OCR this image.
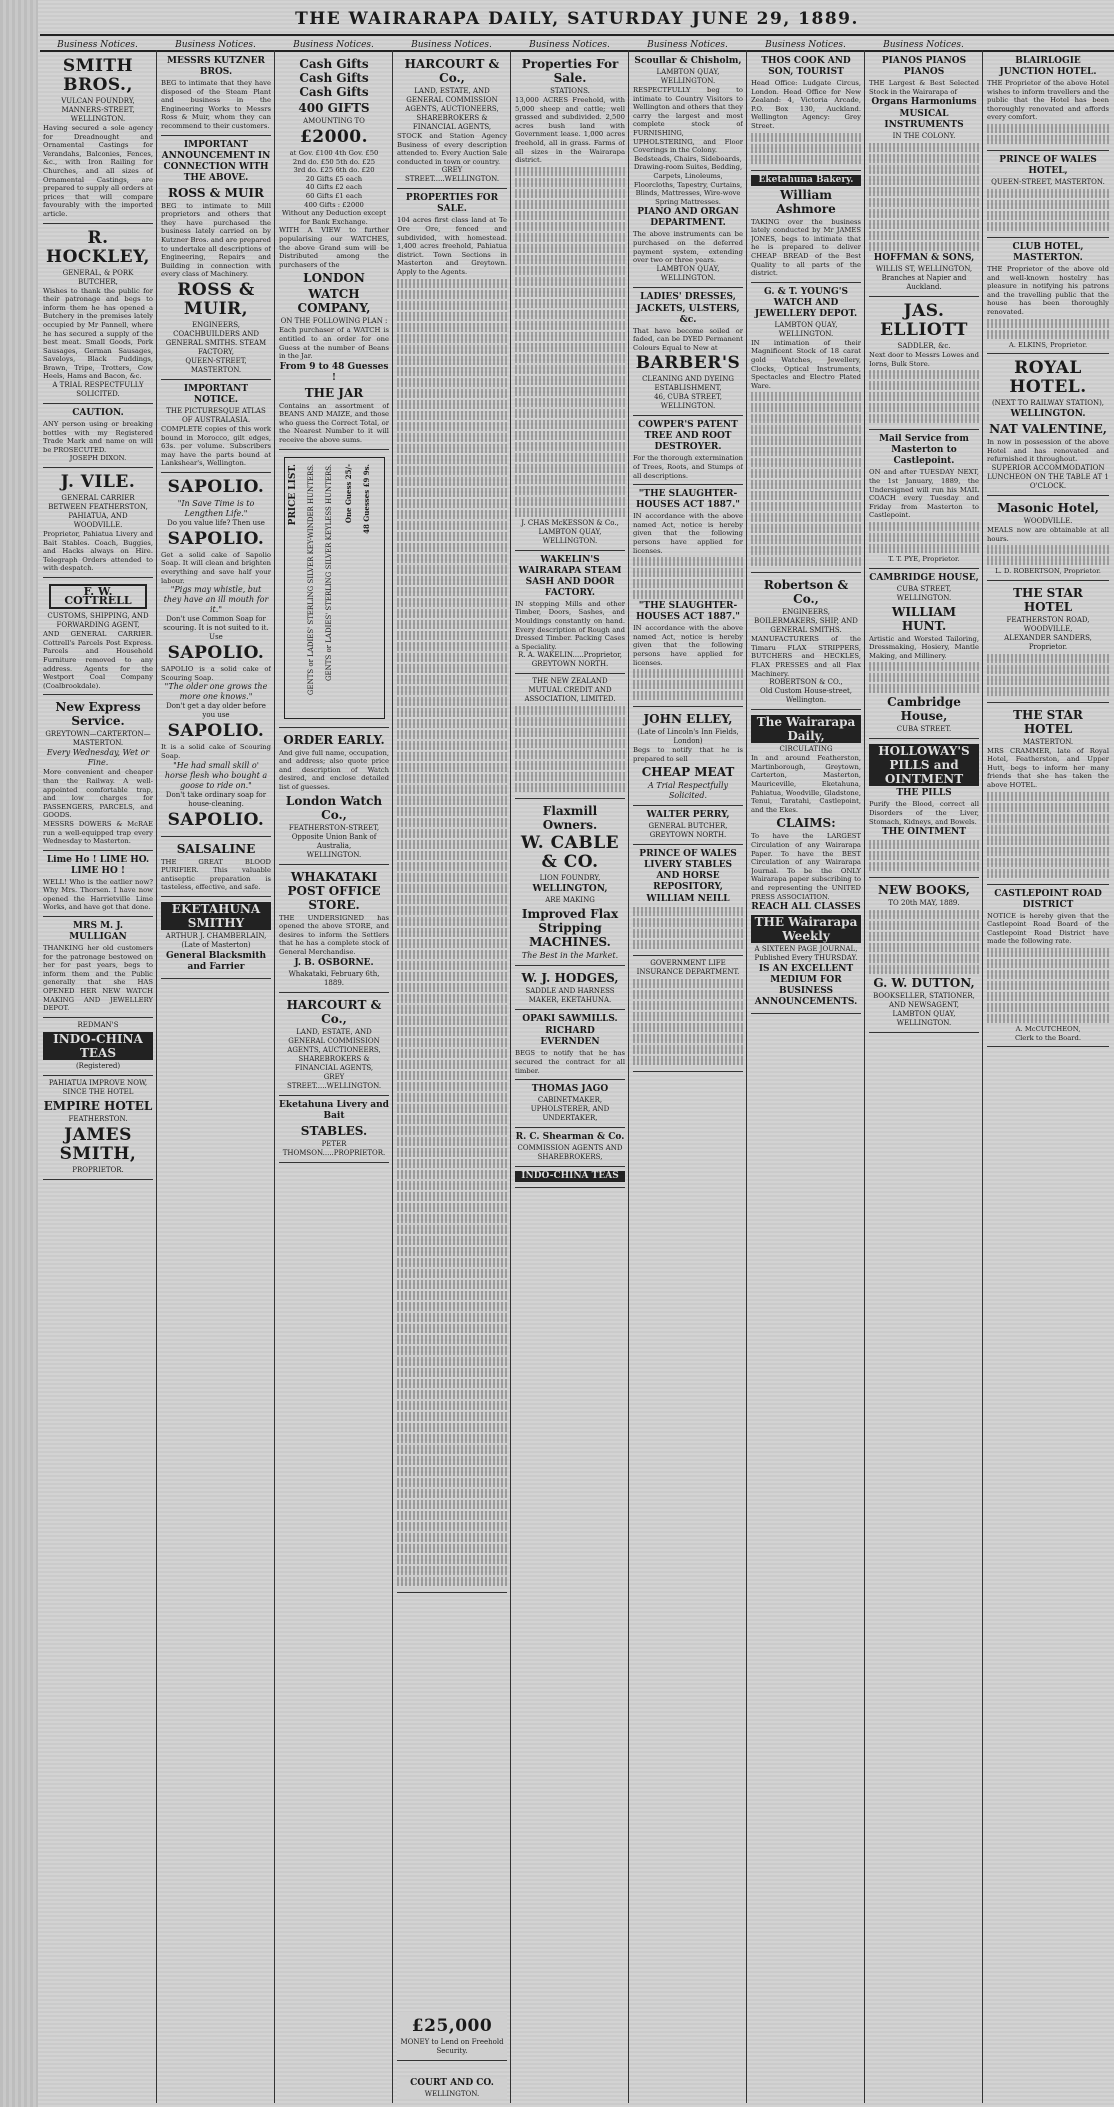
THE WAIRARAPA DAILY, SATURDAY JUNE 29, 1889.
Business Notices.	Business Notices.	Business Notices.	Business Notices.	Business Notices.	Business Notices.	Business Notices.	Business Notices.
SMITH BROS.,
VULCAN FOUNDRY,
MANNERS-STREET, WELLINGTON.
Having secured a sole agency for Dreadnought and Ornamental Castings for Verandahs, Balconies, Fences, &c., with Iron Railing for Churches, and all sizes of Ornamental Castings, are prepared to supply all orders at prices that will compare favourably with the imported article.
R. HOCKLEY,
GENERAL, & PORK BUTCHER,
Wishes to thank the public for their patronage and begs to inform them he has opened a Butchery in the premises lately occupied by Mr Pannell, where he has secured a supply of the best meat. Small Goods, Pork Sausages, German Sausages, Saveloys, Black Puddings, Brawn, Tripe, Trotters, Cow Heels, Hams and Bacon, &c.
A TRIAL RESPECTFULLY SOLICITED.
CAUTION.
ANY person using or breaking bottles with my Registered Trade Mark and name on will be PROSECUTED.
JOSEPH DIXON.
J. VILE.
GENERAL CARRIER BETWEEN FEATHERSTON, PAHIATUA, AND WOODVILLE.
Proprietor, Pahiatua Livery and Bait Stables. Coach, Buggies, and Hacks always on Hire. Telegraph Orders attended to with despatch.
F. W. COTTRELL
CUSTOMS, SHIPPING, AND FORWARDING AGENT,
AND GENERAL CARRIER. Cottrell's Parcels Post Express. Parcels and Household Furniture removed to any address. Agents for the Westport Coal Company (Coalbrookdale).
New Express Service.
GREYTOWN—CARTERTON—MASTERTON.
Every Wednesday, Wet or Fine.
More convenient and cheaper than the Railway. A well-appointed comfortable trap, and low charges for PASSENGERS, PARCELS, and GOODS.
MESSRS DOWERS & McRAE run a well-equipped trap every Wednesday to Masterton.
Lime Ho ! LIME HO. LIME HO !
WELL! Who is the eatlier now? Why Mrs. Thorsen. I have now opened the Harrietville Lime Works, and have got that done.
MRS M. J. MULLIGAN
THANKING her old customers for the patronage bestowed on her for past years, begs to inform them and the Public generally that she HAS OPENED HER NEW WATCH MAKING AND JEWELLERY DEPOT.
REDMAN'S
INDO-CHINA TEAS
(Registered)
PAHIATUA IMPROVE NOW, SINCE THE HOTEL
EMPIRE HOTEL
FEATHERSTON.
JAMES SMITH,
PROPRIETOR.
MESSRS KUTZNER BROS.
BEG to intimate that they have disposed of the Steam Plant and business in the Engineering Works to Messrs Ross & Muir, whom they can recommend to their customers.
IMPORTANT ANNOUNCEMENT IN CONNECTION WITH THE ABOVE.
ROSS & MUIR
BEG to intimate to Mill proprietors and others that they have purchased the business lately carried on by Kutzner Bros. and are prepared to undertake all descriptions of Engineering, Repairs and Building in connection with every class of Machinery.
ROSS & MUIR,
ENGINEERS, COACHBUILDERS AND GENERAL SMITHS. STEAM FACTORY,
QUEEN-STREET, MASTERTON.
IMPORTANT NOTICE.
THE PICTURESQUE ATLAS OF AUSTRALASIA.
COMPLETE copies of this work bound in Morocco, gilt edges, 63s. per volume. Subscribers may have the parts bound at Lankshear's, Wellington.
SAPOLIO.
"In Save Time is to Lengthen Life."
Do you value life? Then use
SAPOLIO.
Get a solid cake of Sapolio Soap. It will clean and brighten everything and save half your labour.
"Pigs may whistle, but they have an ill mouth for it."
Don't use Common Soap for scouring. It is not suited to it. Use
SAPOLIO.
SAPOLIO is a solid cake of Scouring Soap.
"The older one grows the more one knows."
Don't get a day older before you use
SAPOLIO.
It is a solid cake of Scouring Soap.
"He had small skill o' horse flesh who bought a goose to ride on."
Don't take ordinary soap for house-cleaning.
SAPOLIO.
SALSALINE
THE GREAT BLOOD PURIFIER. This valuable antiseptic preparation is tasteless, effective, and safe.
EKETAHUNA SMITHY
ARTHUR J. CHAMBERLAIN,
(Late of Masterton)
General Blacksmith and Farrier
Cash Gifts
Cash Gifts
Cash Gifts
400 GIFTS
AMOUNTING TO
£2000.
at Gov. £100 4th Gov. £50
2nd do. £50 5th do. £25
3rd do. £25 6th do. £20
20 Gifts £5 each
40 Gifts £2 each
60 Gifts £1 each
400 Gifts : £2000
Without any Deduction except for Bank Exchange.
WITH A VIEW to further popularising our WATCHES, the above Grand sum will be Distributed among the purchasers of the
LONDON
WATCH COMPANY,
ON THE FOLLOWING PLAN :
Each purchaser of a WATCH is entitled to an order for one Guess at the number of Beans in the Jar.
From 9 to 48 Guesses !
THE JAR
Contains an assortment of BEANS AND MAIZE, and those who guess the Correct Total, or the Nearest Number to it will receive the above sums.
PRICE LIST. GENTS or LADIES' STERLING SILVER KEY-WINDER HUNTERS. GENTS or LADIES' STERLING SILVER KEYLESS HUNTERS. One Guess 25/- 48 Guesses £9 9s.
ORDER EARLY.
And give full name, occupation, and address; also quote price and description of Watch desired, and enclose detailed list of guesses.
London Watch Co.,
FEATHERSTON-STREET,
Opposite Union Bank of Australia,
WELLINGTON.
WHAKATAKI POST OFFICE STORE.
THE UNDERSIGNED has opened the above STORE, and desires to inform the Settlers that he has a complete stock of General Merchandise.
J. B. OSBORNE.
Whakataki, February 6th, 1889.
HARCOURT & Co.,
LAND, ESTATE, AND GENERAL COMMISSION AGENTS, AUCTIONEERS, SHAREBROKERS & FINANCIAL AGENTS,
GREY STREET.....WELLINGTON.
Eketahuna Livery and Bait
STABLES.
PETER THOMSON.....PROPRIETOR.
HARCOURT & Co.,
LAND, ESTATE, AND GENERAL COMMISSION AGENTS, AUCTIONEERS, SHAREBROKERS & FINANCIAL AGENTS,
STOCK and Station Agency Business of every description attended to. Every Auction Sale conducted in town or country.
GREY STREET.....WELLINGTON.
PROPERTIES FOR SALE.
104 acres first class land at Te Ore Ore, fenced and subdivided, with homestead. 1,400 acres freehold, Pahiatua district. Town Sections in Masterton and Greytown. Apply to the Agents.
£25,000
MONEY to Lend on Freehold Security.
COURT AND CO.
WELLINGTON.
Properties For Sale.
STATIONS.
13,000 ACRES Freehold, with 5,000 sheep and cattle; well grassed and subdivided. 2,500 acres bush land with Government lease. 1,000 acres freehold, all in grass. Farms of all sizes in the Wairarapa district.
J. CHAS McKESSON & Co., LAMBTON QUAY, WELLINGTON.
WAKELIN'S WAIRARAPA STEAM SASH AND DOOR FACTORY.
IN stopping Mills and other Timber, Doors, Sashes, and Mouldings constantly on hand. Every description of Rough and Dressed Timber. Packing Cases a Speciality.
R. A. WAKELIN.....Proprietor, GREYTOWN NORTH.
THE NEW ZEALAND MUTUAL CREDIT AND ASSOCIATION, LIMITED.
Flaxmill Owners.
W. CABLE & CO.
LION FOUNDRY,
WELLINGTON,
ARE MAKING
Improved Flax Stripping MACHINES.
The Best in the Market.
W. J. HODGES,
SADDLE AND HARNESS MAKER, EKETAHUNA.
OPAKI SAWMILLS.
RICHARD EVERNDEN
BEGS to notify that he has secured the contract for all timber.
THOMAS JAGO
CABINETMAKER, UPHOLSTERER, AND UNDERTAKER,
R. C. Shearman & Co.
COMMISSION AGENTS AND SHAREBROKERS,
INDO-CHINA TEAS
Scoullar & Chisholm,
LAMBTON QUAY, WELLINGTON.
RESPECTFULLY beg to intimate to Country Visitors to Wellington and others that they carry the largest and most complete stock of FURNISHING, UPHOLSTERING, and Floor Coverings in the Colony.
Bedsteads, Chairs, Sideboards, Drawing-room Suites, Bedding, Carpets, Linoleums, Floorcloths, Tapestry, Curtains, Blinds, Mattresses, Wire-wove Spring Mattresses.
PIANO AND ORGAN DEPARTMENT.
The above instruments can be purchased on the deferred payment system, extending over two or three years.
LAMBTON QUAY, WELLINGTON.
LADIES' DRESSES,
JACKETS, ULSTERS, &c.
That have become soiled or faded, can be DYED Permanent Colours Equal to New at
BARBER'S
CLEANING AND DYEING ESTABLISHMENT,
46, CUBA STREET, WELLINGTON.
COWPER'S PATENT TREE AND ROOT DESTROYER.
For the thorough extermination of Trees, Roots, and Stumps of all descriptions.
"THE SLAUGHTER-HOUSES ACT 1887."
IN accordance with the above named Act, notice is hereby given that the following persons have applied for licenses.
"THE SLAUGHTER-HOUSES ACT 1887."
IN accordance with the above named Act, notice is hereby given that the following persons have applied for licenses.
JOHN ELLEY,
(Late of Lincoln's Inn Fields, London)
Begs to notify that he is prepared to sell
CHEAP MEAT
A Trial Respectfully Solicited.
WALTER PERRY,
GENERAL BUTCHER, GREYTOWN NORTH.
PRINCE OF WALES LIVERY STABLES AND HORSE REPOSITORY,
WILLIAM NEILL
GOVERNMENT LIFE INSURANCE DEPARTMENT.
THOS COOK AND SON, TOURIST
Head Office: Ludgate Circus, London. Head Office for New Zealand: 4, Victoria Arcade, P.O. Box 130, Auckland. Wellington Agency: Grey Street.
Eketahuna Bakery.
William Ashmore
TAKING over the business lately conducted by Mr JAMES JONES, begs to intimate that he is prepared to deliver CHEAP BREAD of the Best Quality to all parts of the district.
G. & T. YOUNG'S WATCH AND JEWELLERY DEPOT.
LAMBTON QUAY, WELLINGTON.
IN intimation of their Magnificent Stock of 18 carat gold Watches, Jewellery, Clocks, Optical Instruments, Spectacles and Electro Plated Ware.
Robertson & Co.,
ENGINEERS, BOILERMAKERS, SHIP, AND GENERAL SMITHS.
MANUFACTURERS of the Timaru FLAX STRIPPERS, BUTCHERS and HECKLES, FLAX PRESSES and all Flax Machinery.
ROBERTSON & CO.,
Old Custom House-street, Wellington.
The Wairarapa Daily,
CIRCULATING
In and around Featherston, Martinborough, Greytown, Carterton, Masterton, Mauriceville, Eketahuna, Pahiatua, Woodville, Gladstone, Tenui, Taratahi, Castlepoint, and the Ekes.
CLAIMS:
To have the LARGEST Circulation of any Wairarapa Paper. To have the BEST Circulation of any Wairarapa Journal. To be the ONLY Wairarapa paper subscribing to and representing the UNITED PRESS ASSOCIATION.
REACH ALL CLASSES
THE Wairarapa Weekly
A SIXTEEN PAGE JOURNAL,
Published Every THURSDAY.
IS AN EXCELLENT MEDIUM FOR BUSINESS ANNOUNCEMENTS.
PIANOS PIANOS PIANOS
THE Largest & Best Selected Stock in the Wairarapa of
Organs Harmoniums
MUSICAL INSTRUMENTS
IN THE COLONY.
HOFFMAN & SONS,
WILLIS ST, WELLINGTON,
Branches at Napier and Auckland.
JAS. ELLIOTT
SADDLER, &c.
Next door to Messrs Lowes and Iorns, Bulk Store.
Mail Service from Masterton to Castlepoint.
ON and after TUESDAY NEXT, the 1st January, 1889, the Undersigned will run his MAIL COACH every Tuesday and Friday from Masterton to Castlepoint.
T. T. PYE, Proprietor.
CAMBRIDGE HOUSE,
CUBA STREET, WELLINGTON.
WILLIAM HUNT.
Artistic and Worsted Tailoring, Dressmaking, Hosiery, Mantle Making, and Millinery.
Cambridge House,
CUBA STREET.
HOLLOWAY'S PILLS and OINTMENT
THE PILLS
Purify the Blood, correct all Disorders of the Liver, Stomach, Kidneys, and Bowels.
THE OINTMENT
NEW BOOKS,
TO 20th MAY, 1889.
G. W. DUTTON,
BOOKSELLER, STATIONER, AND NEWSAGENT,
LAMBTON QUAY, WELLINGTON.
BLAIRLOGIE JUNCTION HOTEL.
THE Proprietor of the above Hotel wishes to inform travellers and the public that the Hotel has been thoroughly renovated and affords every comfort.
PRINCE OF WALES HOTEL,
QUEEN-STREET, MASTERTON.
CLUB HOTEL, MASTERTON.
THE Proprietor of the above old and well-known hostelry has pleasure in notifying his patrons and the travelling public that the house has been thoroughly renovated.
A. ELKINS, Proprietor.
ROYAL HOTEL.
(NEXT TO RAILWAY STATION),
WELLINGTON.
NAT VALENTINE,
In now in possession of the above Hotel and has renovated and refurnished it throughout.
SUPERIOR ACCOMMODATION
LUNCHEON ON THE TABLE AT 1 O'CLOCK.
Masonic Hotel,
WOODVILLE.
MEALS now are obtainable at all hours.
L. D. ROBERTSON, Proprietor.
THE STAR HOTEL
FEATHERSTON ROAD, WOODVILLE,
ALEXANDER SANDERS, Proprietor.
THE STAR HOTEL
MASTERTON.
MRS CRAMMER, late of Royal Hotel, Featherston, and Upper Hutt, begs to inform her many friends that she has taken the above HOTEL.
CASTLEPOINT ROAD DISTRICT
NOTICE is hereby given that the Castlepoint Road Board of the Castlepoint Road District have made the following rate.
A. McCUTCHEON,
Clerk to the Board.
